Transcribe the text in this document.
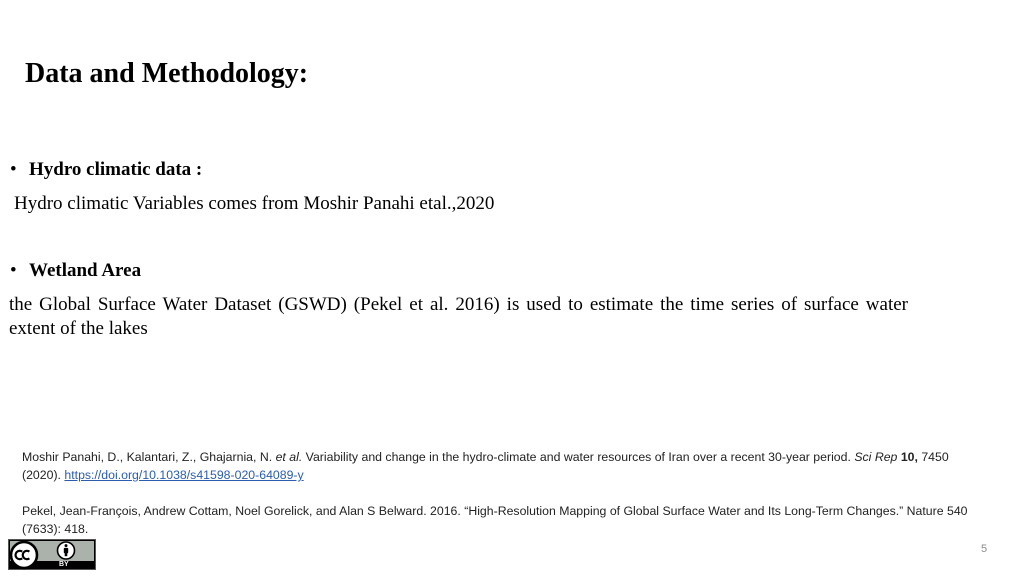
Data and Methodology:
• Hydro climatic data :
Hydro climatic Variables comes from Moshir Panahi etal.,2020
• Wetland Area
the Global Surface Water Dataset (GSWD) (Pekel et al. 2016) is used to estimate the time series of surface water extent of the lakes

Moshir Panahi, D., Kalantari, Z., Ghajarnia, N. et al. Variability and change in the hydro-climate and water resources of Iran over a recent 30-year period. Sci Rep 10, 7450 (2020). https://doi.org/10.1038/s41598-020-64089-y

Pekel, Jean-François, Andrew Cottam, Noel Gorelick, and Alan S Belward. 2016. “High-Resolution Mapping of Global Surface Water and Its Long-Term Changes.” Nature 540 (7633): 418.

BY
5
